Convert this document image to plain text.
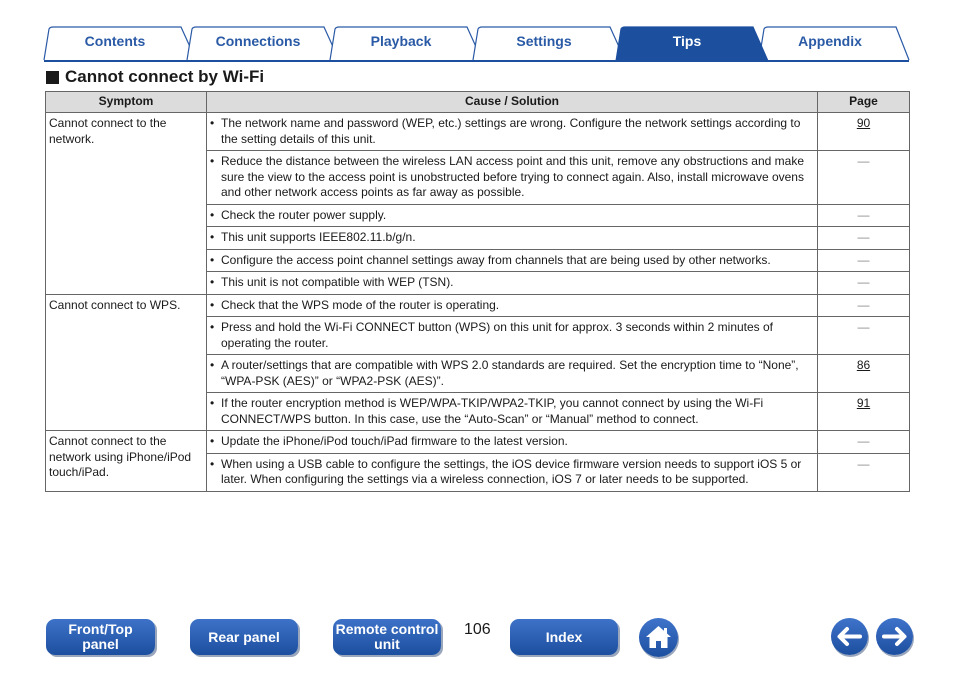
Contents	Connections	Playback	Settings	Tips	Appendix
Cannot connect by Wi-Fi
Symptom	Cause / Solution	Page
Cannot connect to the network.	• The network name and password (WEP, etc.) settings are wrong. Configure the network settings according to the setting details of this unit.	90

	• Reduce the distance between the wireless LAN access point and this unit, remove any obstructions and make sure the view to the access point is unobstructed before trying to connect again. Also, install microwave ovens and other network access points as far away as possible.	—

	• Check the router power supply.	—

	• This unit supports IEEE802.11.b/g/n.	—

	• Configure the access point channel settings away from channels that are being used by other networks.	—

	• This unit is not compatible with WEP (TSN).	—
Cannot connect to WPS.	• Check that the WPS mode of the router is operating.	—

	• Press and hold the Wi-Fi CONNECT button (WPS) on this unit for approx. 3 seconds within 2 minutes of operating the router.	—

	• A router/settings that are compatible with WPS 2.0 standards are required. Set the encryption time to “None”, “WPA-PSK (AES)” or “WPA2-PSK (AES)”.	86

	• If the router encryption method is WEP/WPA-TKIP/WPA2-TKIP, you cannot connect by using the Wi-Fi CONNECT/WPS button. In this case, use the “Auto-Scan” or “Manual” method to connect.	91
Cannot connect to the network using iPhone/iPod touch/iPad.	• Update the iPhone/iPod touch/iPad firmware to the latest version.	—

	• When using a USB cable to configure the settings, the iOS device firmware version needs to support iOS 5 or later. When configuring the settings via a wireless connection, iOS 7 or later needs to be supported.	—
Front/Top
panel	Rear panel	Remote control
unit
106	Index
